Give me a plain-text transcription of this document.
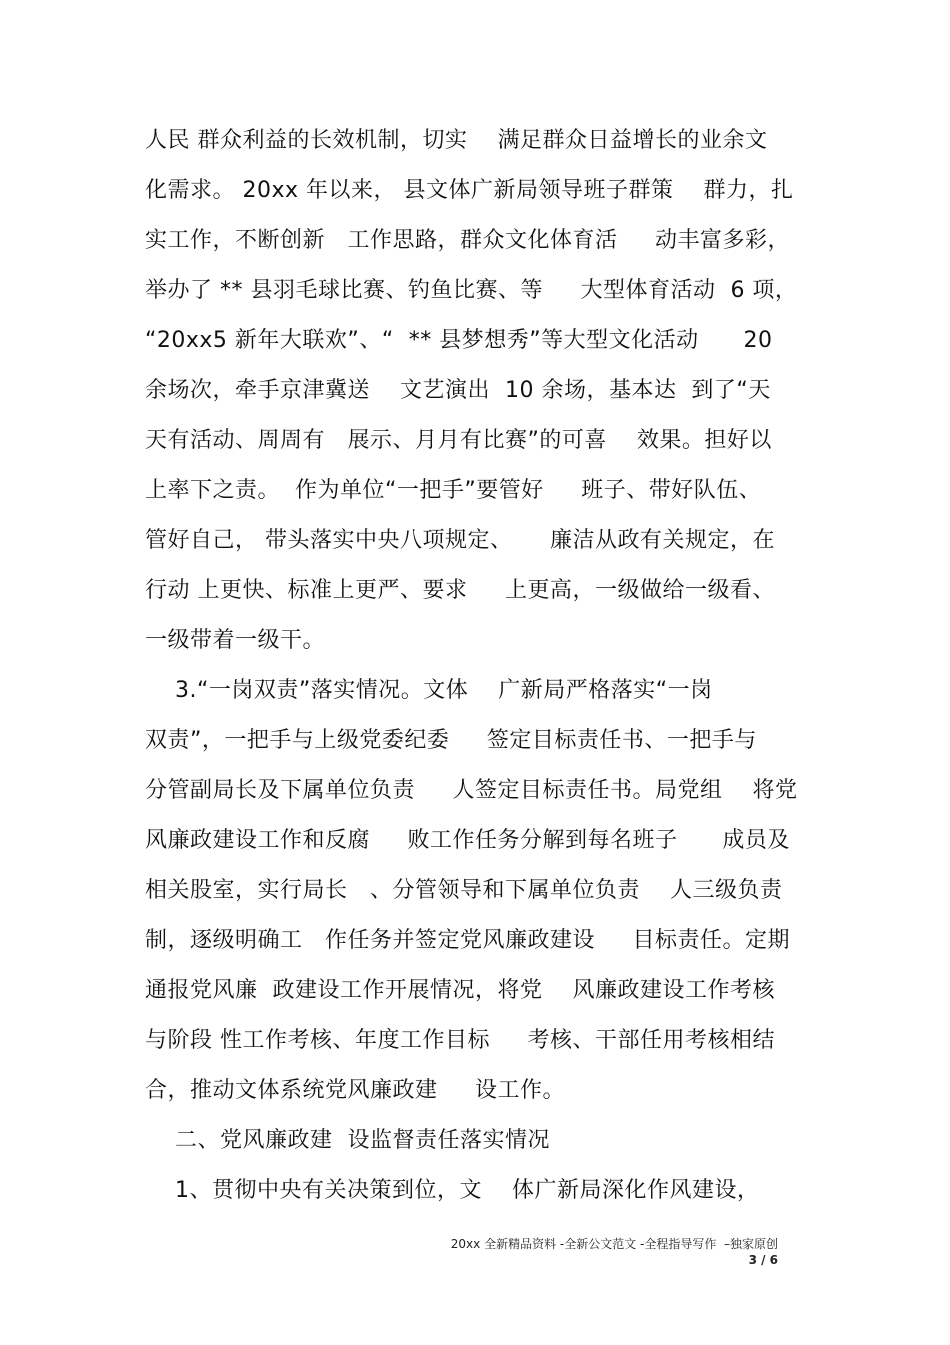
人民 群众利益的长效机制，切实    满足群众日益增长的业余文
化需求。 20xx 年以来， 县文体广新局领导班子群策    群力，扎
实工作，不断创新   工作思路，群众文化体育活     动丰富多彩，
举办了 ** 县羽毛球比赛、钓鱼比赛、等     大型体育活动  6 项，
“20xx5 新年大联欢”、“  ** 县梦想秀”等大型文化活动      20
余场次，牵手京津冀送    文艺演出  10 余场，基本达  到了“天
天有活动、周周有   展示、月月有比赛”的可喜    效果。担好以
上率下之责。  作为单位“一把手”要管好     班子、带好队伍、
管好自己， 带头落实中央八项规定、     廉洁从政有关规定，在
行动 上更快、标准上更严、要求     上更高，一级做给一级看、
一级带着一级干。
3.“一岗双责”落实情况。文体    广新局严格落实“一岗
双责”，一把手与上级党委纪委     签定目标责任书、一把手与
分管副局长及下属单位负责     人签定目标责任书。局党组    将党
风廉政建设工作和反腐     败工作任务分解到每名班子      成员及
相关股室，实行局长   、分管领导和下属单位负责    人三级负责
制，逐级明确工   作任务并签定党风廉政建设     目标责任。定期
通报党风廉  政建设工作开展情况，将党    风廉政建设工作考核
与阶段 性工作考核、年度工作目标     考核、干部任用考核相结
合，推动文体系统党风廉政建     设工作。
二、党风廉政建  设监督责任落实情况
1、贯彻中央有关决策到位，文    体广新局深化作风建设，
20xx 全新精品资料 -全新公文范文 -全程指导写作  –独家原创
3 / 6
